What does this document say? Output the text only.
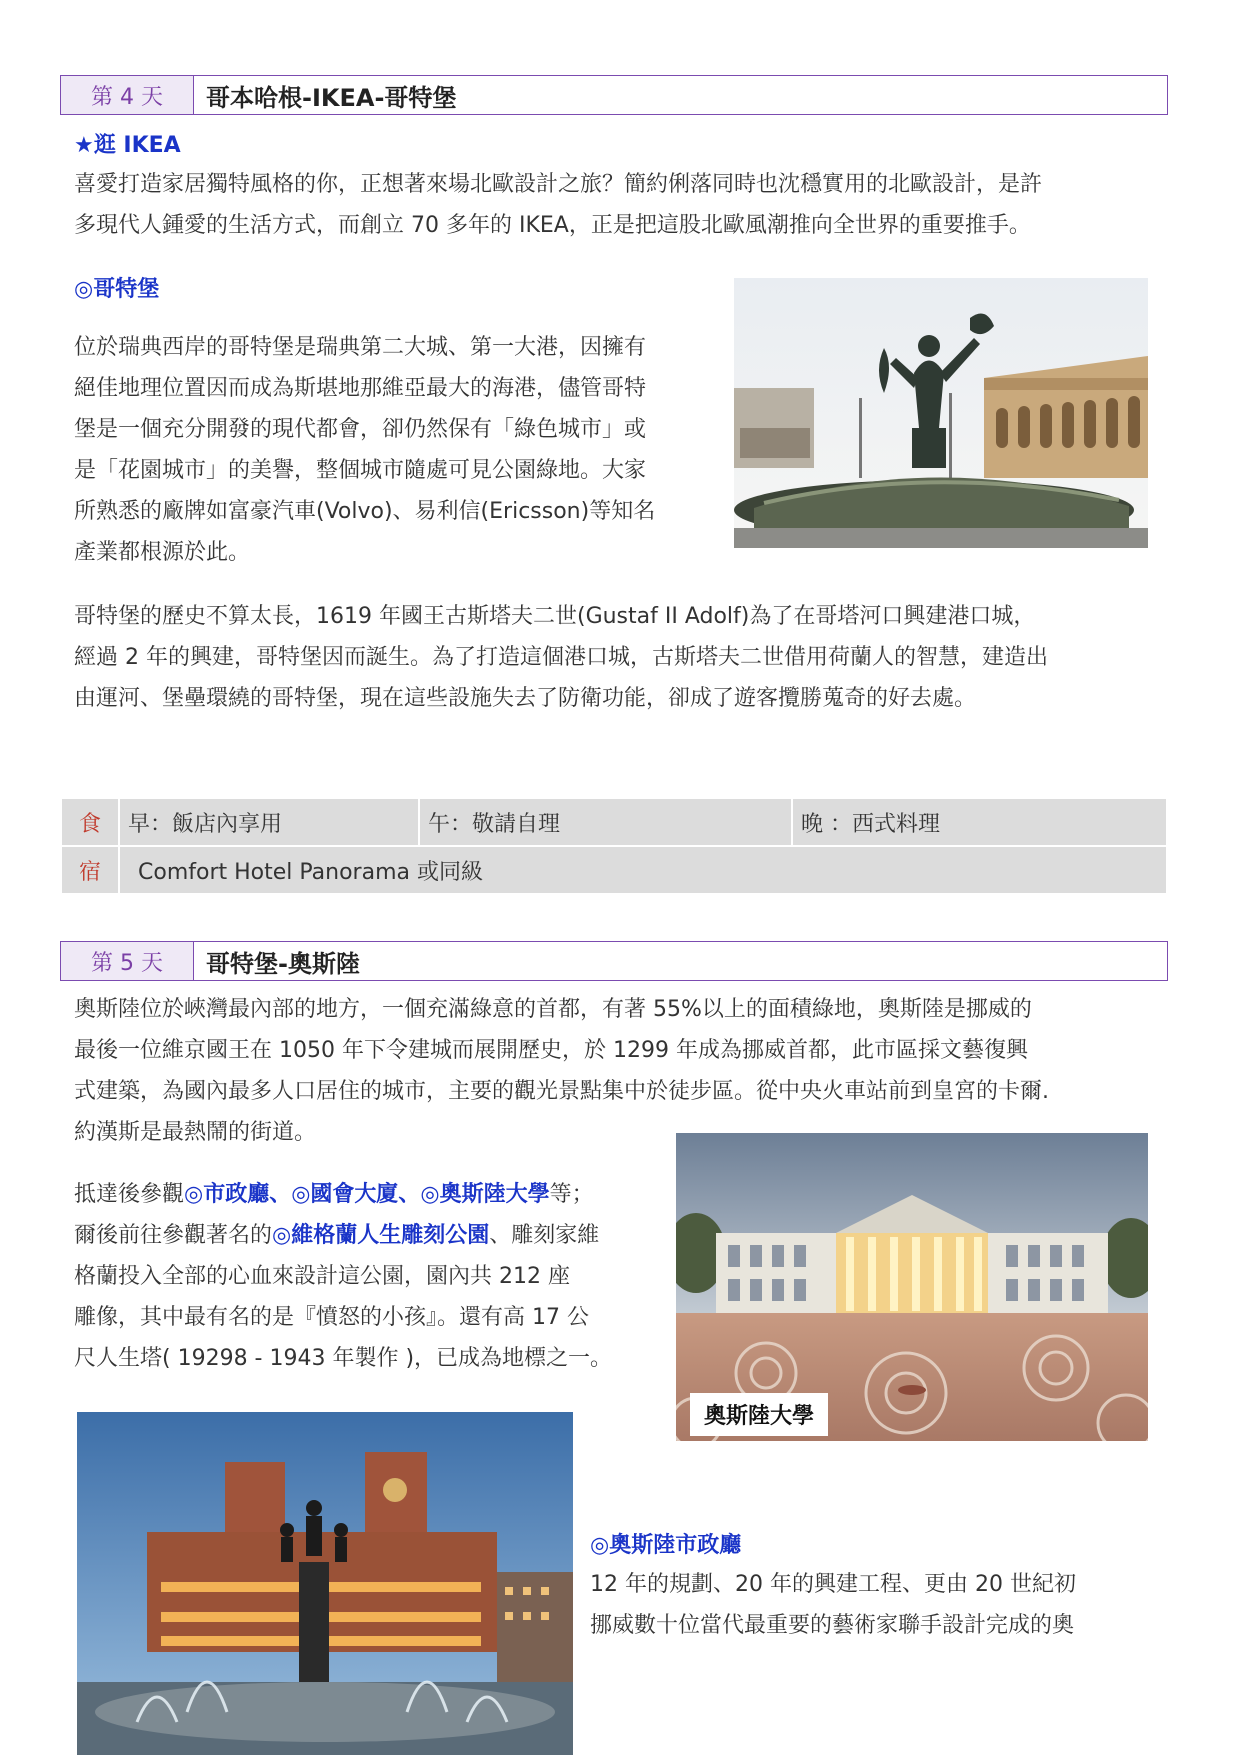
第 4 天	哥本哈根-IKEA-哥特堡
★逛 IKEA

喜愛打造家居獨特風格的你，正想著來場北歐設計之旅？簡約俐落同時也沈穩實用的北歐設計，是許

多現代人鍾愛的生活方式，而創立 70 多年的 IKEA，正是把這股北歐風潮推向全世界的重要推手。

◎哥特堡

位於瑞典西岸的哥特堡是瑞典第二大城、第一大港，因擁有

絕佳地理位置因而成為斯堪地那維亞最大的海港，儘管哥特

堡是一個充分開發的現代都會，卻仍然保有「綠色城市」或

是「花園城市」的美譽，整個城市隨處可見公園綠地。大家

所熟悉的廠牌如富豪汽車(Volvo)、易利信(Ericsson)等知名

產業都根源於此。

哥特堡的歷史不算太長，1619 年國王古斯塔夫二世(Gustaf II Adolf)為了在哥塔河口興建港口城，

經過 2 年的興建，哥特堡因而誕生。為了打造這個港口城，古斯塔夫二世借用荷蘭人的智慧，建造出

由運河、堡壘環繞的哥特堡，現在這些設施失去了防衛功能，卻成了遊客攬勝蒐奇的好去處。

食	早：飯店內享用	午：敬請自理	晚 ：西式料理
宿	Comfort Hotel Panorama 或同級		
第 5 天	哥特堡-奧斯陸

奧斯陸位於峽灣最內部的地方，一個充滿綠意的首都，有著 55%以上的面積綠地，奧斯陸是挪威的

最後一位維京國王在 1050 年下令建城而展開歷史，於 1299 年成為挪威首都，此市區採文藝復興

式建築，為國內最多人口居住的城市，主要的觀光景點集中於徒步區。從中央火車站前到皇宮的卡爾.

約漢斯是最熱鬧的街道。

抵達後參觀◎市政廳、◎國會大廈、◎奧斯陸大學等；

爾後前往參觀著名的◎維格蘭人生雕刻公園、雕刻家維

格蘭投入全部的心血來設計這公園，園內共 212 座

雕像，其中最有名的是『憤怒的小孩』。還有高 17 公

尺人生塔( 19298 - 1943 年製作 )，已成為地標之一。

奧斯陸大學
◎奧斯陸市政廳

12 年的規劃、20 年的興建工程、更由 20 世紀初

挪威數十位當代最重要的藝術家聯手設計完成的奧
